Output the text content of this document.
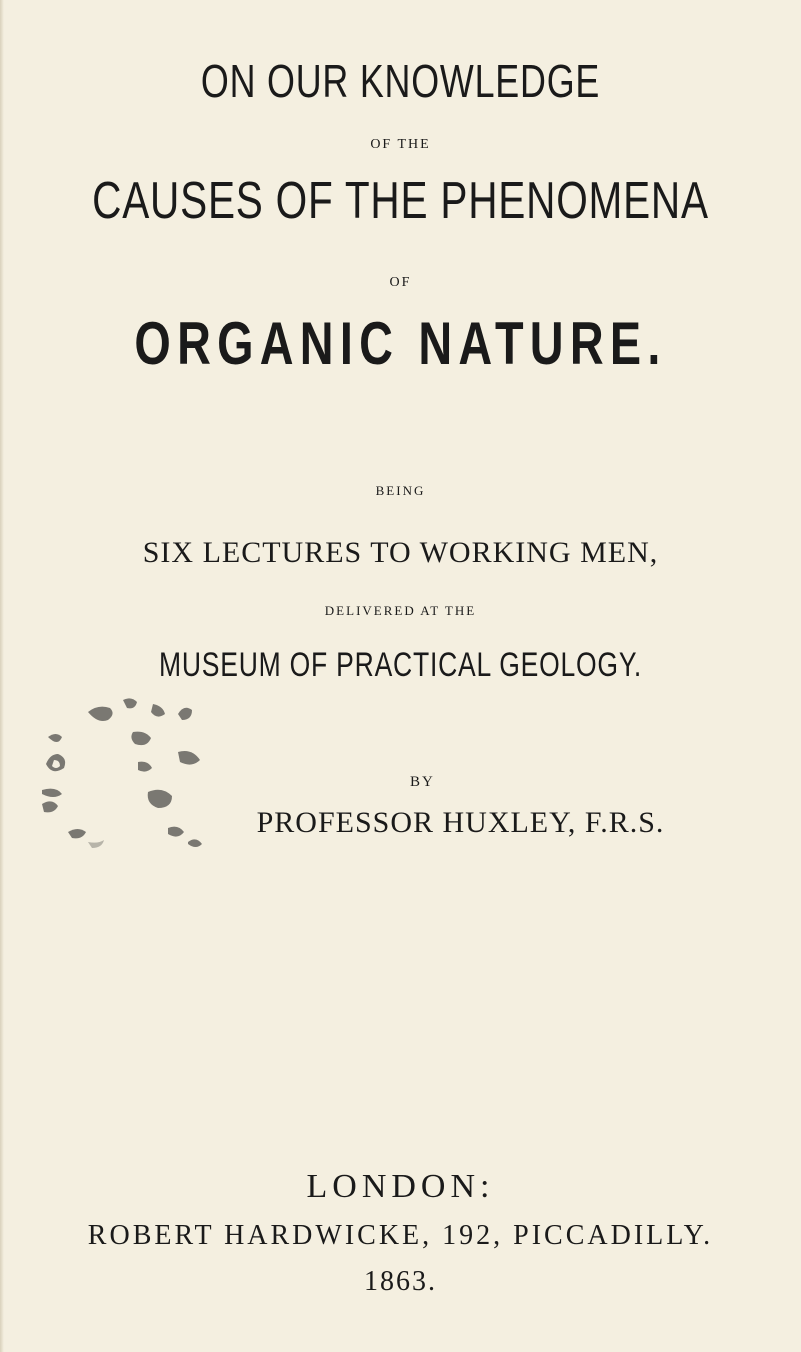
ON OUR KNOWLEDGE
OF THE
CAUSES OF THE PHENOMENA
OF
ORGANIC NATURE.
BEING
SIX LECTURES TO WORKING MEN,
DELIVERED AT THE
MUSEUM OF PRACTICAL GEOLOGY.
BY
PROFESSOR HUXLEY, F.R.S.
LONDON:
ROBERT HARDWICKE, 192, PICCADILLY.
1863.
